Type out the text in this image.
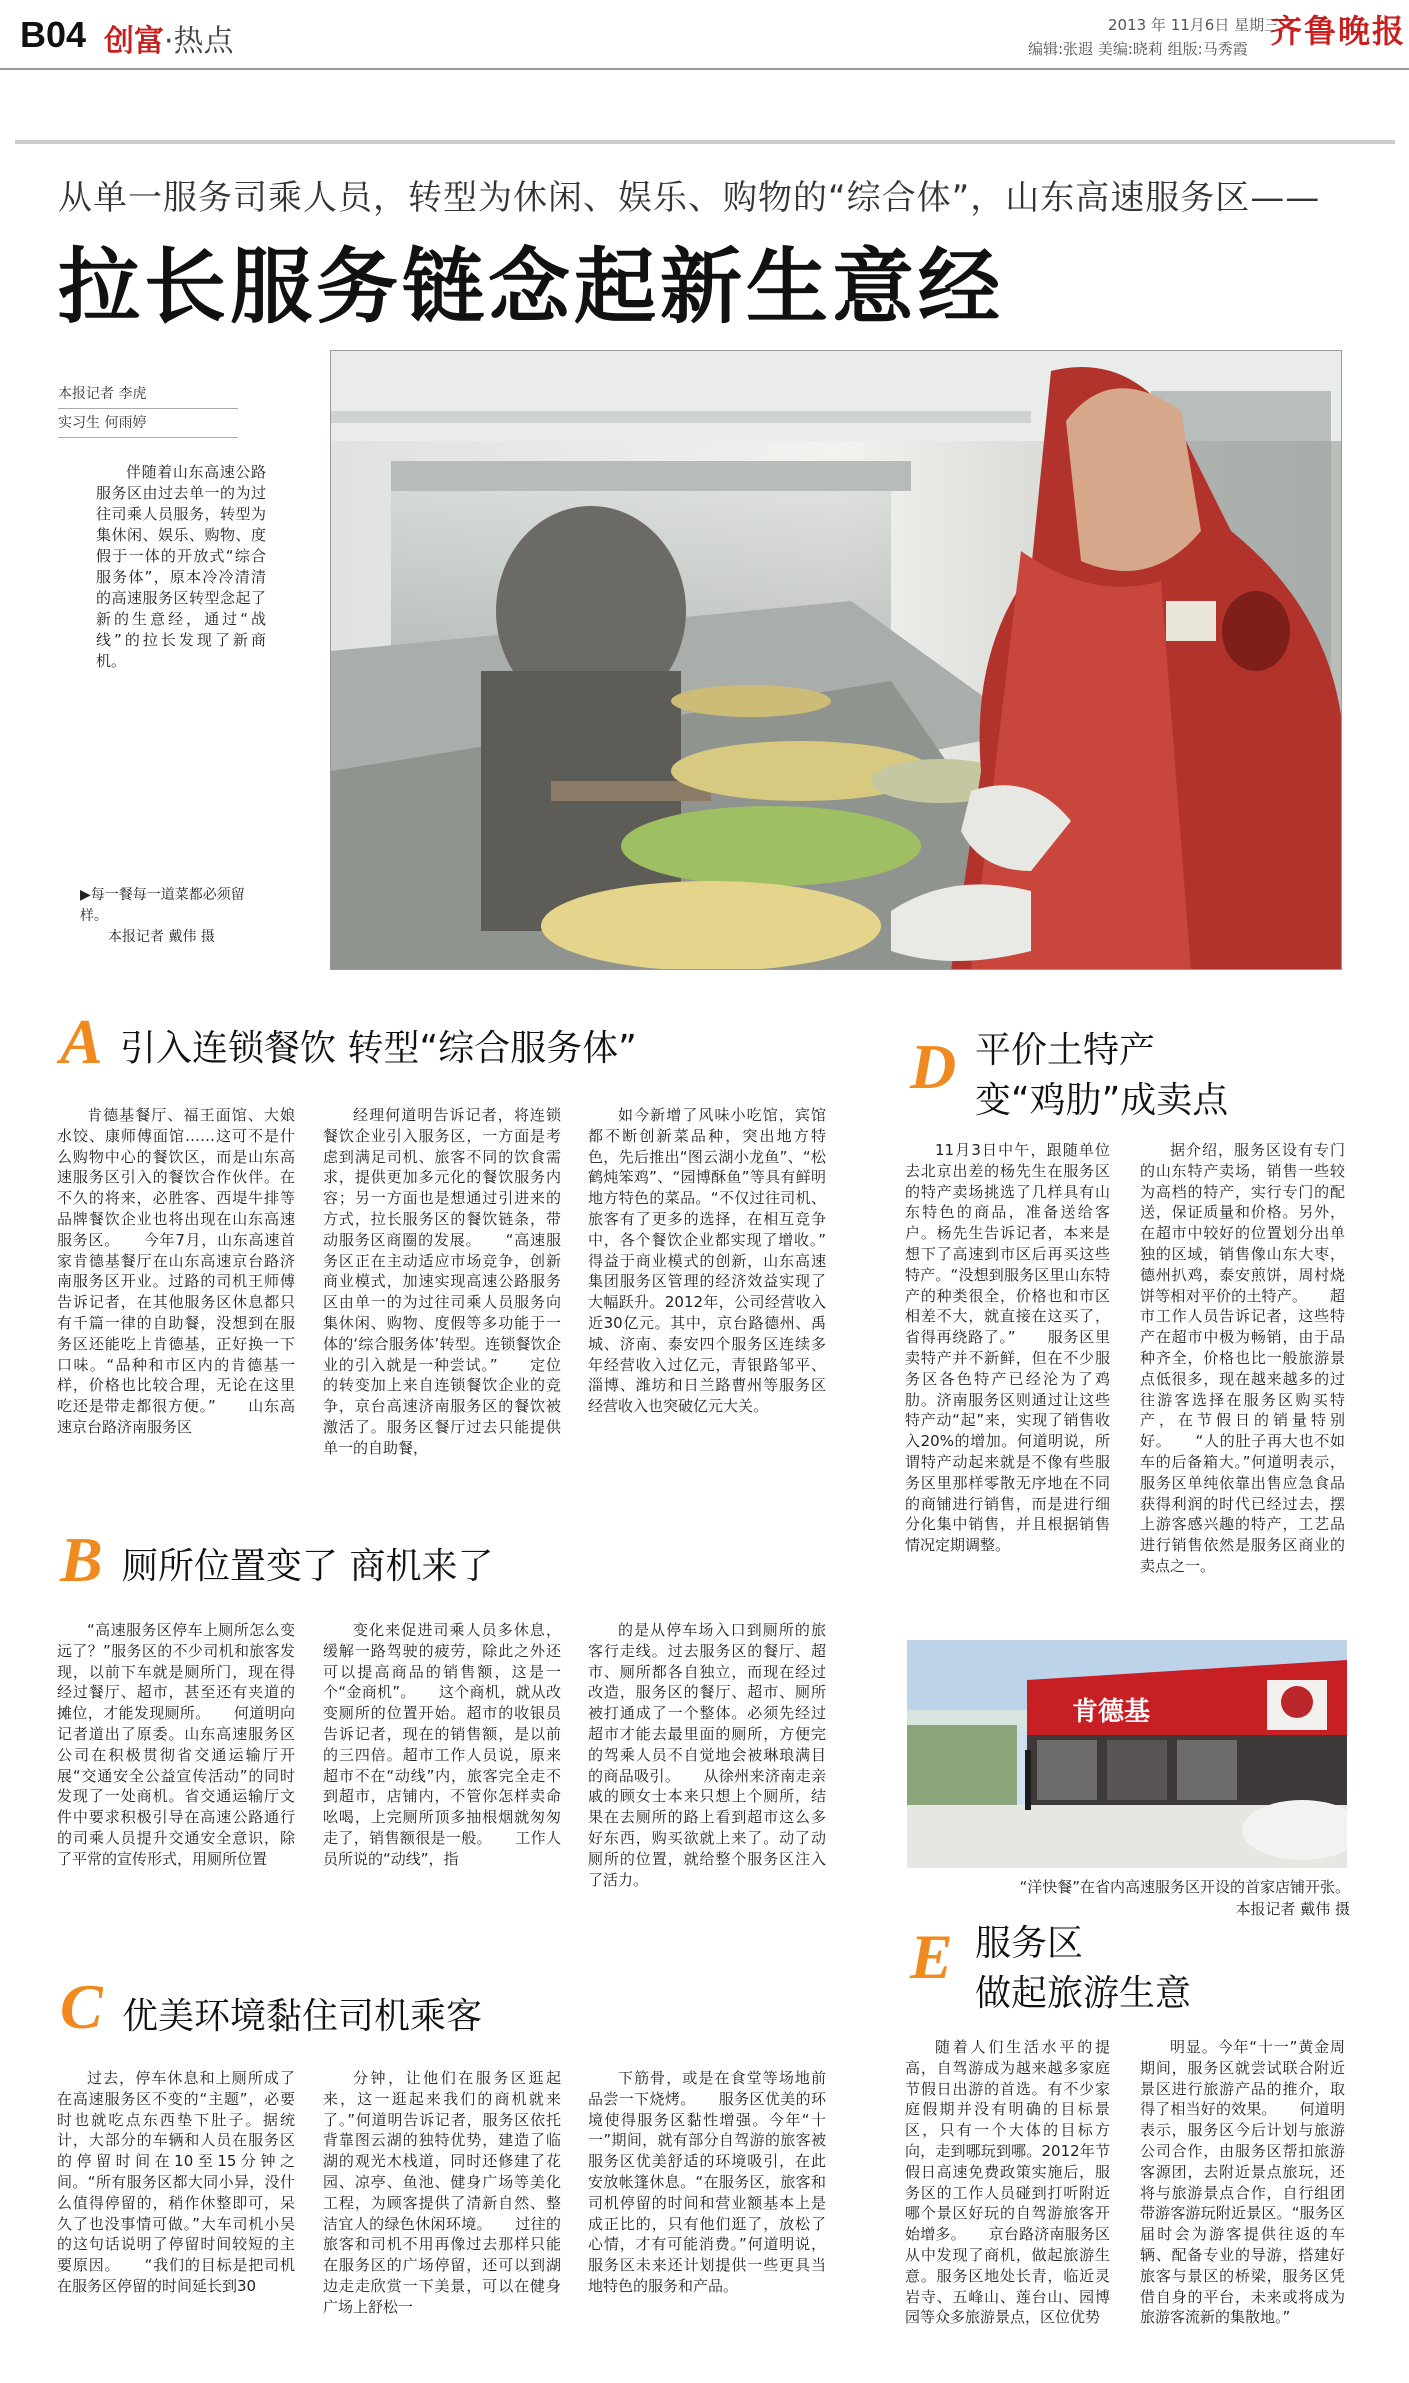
B04 创富·热点	2013 年 11月6日 星期三
编辑:张遐 美编:晓莉 组版:马秀霞 齐鲁晚报
从单一服务司乘人员，转型为休闲、娱乐、购物的“综合体”，山东高速服务区——
拉长服务链念起新生意经
本报记者 李虎
实习生 何雨婷

伴随着山东高速公路服务区由过去单一的为过往司乘人员服务，转型为集休闲、娱乐、购物、度假于一体的开放式“综合服务体”，原本冷冷清清的高速服务区转型念起了新的生意经，通过“战线”的拉长发现了新商机。

▶每一餐每一道菜都必须留样。
本报记者 戴伟 摄
A 引入连锁餐饮 转型“综合服务体”

肯德基餐厅、福王面馆、大娘水饺、康师傅面馆……这可不是什么购物中心的餐饮区，而是山东高速服务区引入的餐饮合作伙伴。在不久的将来，必胜客、西堤牛排等品牌餐饮企业也将出现在山东高速服务区。　　今年7月，山东高速首家肯德基餐厅在山东高速京台路济南服务区开业。过路的司机王师傅告诉记者，在其他服务区休息都只有千篇一律的自助餐，没想到在服务区还能吃上肯德基，正好换一下口味。“品种和市区内的肯德基一样，价格也比较合理，无论在这里吃还是带走都很方便。”　　山东高速京台路济南服务区

经理何道明告诉记者，将连锁餐饮企业引入服务区，一方面是考虑到满足司机、旅客不同的饮食需求，提供更加多元化的餐饮服务内容；另一方面也是想通过引进来的方式，拉长服务区的餐饮链条，带动服务区商圈的发展。　　“高速服务区正在主动适应市场竞争，创新商业模式，加速实现高速公路服务区由单一的为过往司乘人员服务向集休闲、购物、度假等多功能于一体的‘综合服务体’转型。连锁餐饮企业的引入就是一种尝试。”　　定位的转变加上来自连锁餐饮企业的竞争，京台高速济南服务区的餐饮被激活了。服务区餐厅过去只能提供单一的自助餐，

如今新增了风味小吃馆，宾馆都不断创新菜品种，突出地方特色，先后推出“图云湖小龙鱼”、“松鹤炖笨鸡”、“园博酥鱼”等具有鲜明地方特色的菜品。“不仅过往司机、旅客有了更多的选择，在相互竞争中，各个餐饮企业都实现了增收。”　　得益于商业模式的创新，山东高速集团服务区管理的经济效益实现了大幅跃升。2012年，公司经营收入近30亿元。其中，京台路德州、禹城、济南、泰安四个服务区连续多年经营收入过亿元，青银路邹平、淄博、潍坊和日兰路曹州等服务区经营收入也突破亿元大关。

B 厕所位置变了 商机来了

“高速服务区停车上厕所怎么变远了？”服务区的不少司机和旅客发现，以前下车就是厕所门，现在得经过餐厅、超市，甚至还有夹道的摊位，才能发现厕所。　　何道明向记者道出了原委。山东高速服务区公司在积极贯彻省交通运输厅开展“交通安全公益宣传活动”的同时发现了一处商机。省交通运输厅文件中要求积极引导在高速公路通行的司乘人员提升交通安全意识，除了平常的宣传形式，用厕所位置

变化来促进司乘人员多休息，缓解一路驾驶的疲劳，除此之外还可以提高商品的销售额，这是一个“金商机”。　　这个商机，就从改变厕所的位置开始。超市的收银员告诉记者，现在的销售额，是以前的三四倍。超市工作人员说，原来超市不在“动线”内，旅客完全走不到超市，店铺内，不管你怎样卖命吆喝，上完厕所顶多抽根烟就匆匆走了，销售额很是一般。　　工作人员所说的“动线”，指

的是从停车场入口到厕所的旅客行走线。过去服务区的餐厅、超市、厕所都各自独立，而现在经过改造，服务区的餐厅、超市、厕所被打通成了一个整体。必须先经过超市才能去最里面的厕所，方便完的驾乘人员不自觉地会被琳琅满目的商品吸引。　　从徐州来济南走亲戚的顾女士本来只想上个厕所，结果在去厕所的路上看到超市这么多好东西，购买欲就上来了。动了动厕所的位置，就给整个服务区注入了活力。

C 优美环境黏住司机乘客

过去，停车休息和上厕所成了在高速服务区不变的“主题”，必要时也就吃点东西垫下肚子。据统计，大部分的车辆和人员在服务区的停留时间在10至15分钟之间。“所有服务区都大同小异，没什么值得停留的，稍作休整即可，呆久了也没事情可做。”大车司机小吴的这句话说明了停留时间较短的主要原因。　　“我们的目标是把司机在服务区停留的时间延长到30

分钟，让他们在服务区逛起来，这一逛起来我们的商机就来了。”何道明告诉记者，服务区依托背靠图云湖的独特优势，建造了临湖的观光木栈道，同时还修建了花园、凉亭、鱼池、健身广场等美化工程，为顾客提供了清新自然、整洁宜人的绿色休闲环境。　　过往的旅客和司机不用再像过去那样只能在服务区的广场停留，还可以到湖边走走欣赏一下美景，可以在健身广场上舒松一

下筋骨，或是在食堂等场地前品尝一下烧烤。　　服务区优美的环境使得服务区黏性增强。今年“十一”期间，就有部分自驾游的旅客被服务区优美舒适的环境吸引，在此安放帐篷休息。“在服务区，旅客和司机停留的时间和营业额基本上是成正比的，只有他们逛了，放松了心情，才有可能消费。”何道明说，服务区未来还计划提供一些更具当地特色的服务和产品。

D 平价土特产
变“鸡肋”成卖点

11月3日中午，跟随单位去北京出差的杨先生在服务区的特产卖场挑选了几样具有山东特色的商品，准备送给客户。杨先生告诉记者，本来是想下了高速到市区后再买这些特产。“没想到服务区里山东特产的种类很全，价格也和市区相差不大，就直接在这买了，省得再绕路了。”　　服务区里卖特产并不新鲜，但在不少服务区各色特产已经沦为了鸡肋。济南服务区则通过让这些特产动“起”来，实现了销售收入20%的增加。何道明说，所谓特产动起来就是不像有些服务区里那样零散无序地在不同的商铺进行销售，而是进行细分化集中销售，并且根据销售情况定期调整。

据介绍，服务区设有专门的山东特产卖场，销售一些较为高档的特产，实行专门的配送，保证质量和价格。另外，在超市中较好的位置划分出单独的区域，销售像山东大枣，德州扒鸡，泰安煎饼，周村烧饼等相对平价的土特产。　　超市工作人员告诉记者，这些特产在超市中极为畅销，由于品种齐全，价格也比一般旅游景点低很多，现在越来越多的过往游客选择在服务区购买特产，在节假日的销量特别好。　　“人的肚子再大也不如车的后备箱大。”何道明表示，服务区单纯依靠出售应急食品获得利润的时代已经过去，摆上游客感兴趣的特产，工艺品进行销售依然是服务区商业的卖点之一。

肯德基
“洋快餐”在省内高速服务区开设的首家店铺开张。
本报记者 戴伟 摄
E 服务区
做起旅游生意

随着人们生活水平的提高，自驾游成为越来越多家庭节假日出游的首选。有不少家庭假期并没有明确的目标景区，只有一个大体的目标方向，走到哪玩到哪。2012年节假日高速免费政策实施后，服务区的工作人员碰到打听附近哪个景区好玩的自驾游旅客开始增多。　　京台路济南服务区从中发现了商机，做起旅游生意。服务区地处长青，临近灵岩寺、五峰山、莲台山、园博园等众多旅游景点，区位优势

明显。今年“十一”黄金周期间，服务区就尝试联合附近景区进行旅游产品的推介，取得了相当好的效果。　　何道明表示，服务区今后计划与旅游公司合作，由服务区帮扣旅游客源团，去附近景点旅玩，还将与旅游景点合作，自行组团带游客游玩附近景区。“服务区届时会为游客提供往返的车辆、配备专业的导游，搭建好旅客与景区的桥梁，服务区凭借自身的平台，未来或将成为旅游客流新的集散地。”
